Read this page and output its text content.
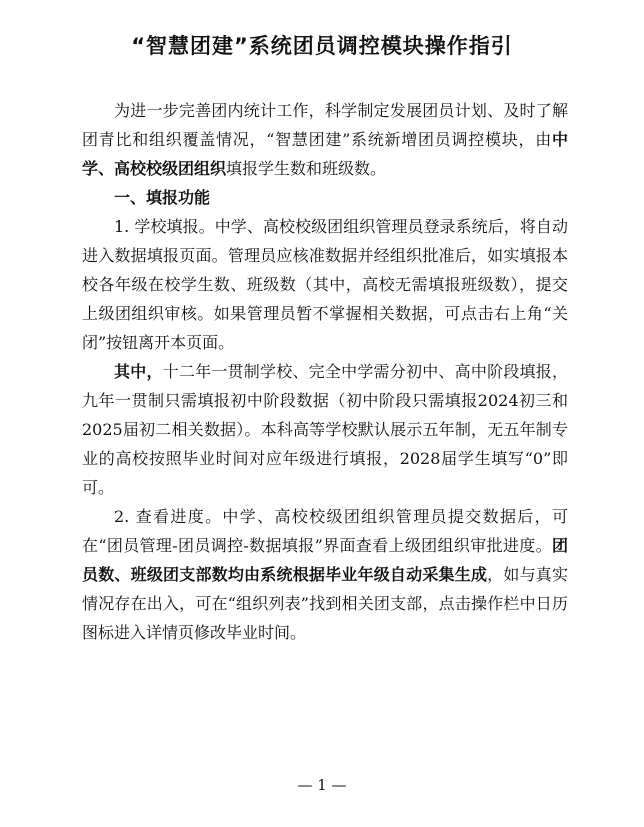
“智慧团建”系统团员调控模块操作指引

为进一步完善团内统计工作，科学制定发展团员计划、及时了解团青比和组织覆盖情况，“智慧团建”系统新增团员调控模块，由中学、高校校级团组织填报学生数和班级数。

一、填报功能

1. 学校填报。中学、高校校级团组织管理员登录系统后，将自动进入数据填报页面。管理员应核准数据并经组织批准后，如实填报本校各年级在校学生数、班级数（其中，高校无需填报班级数），提交上级团组织审核。如果管理员暂不掌握相关数据，可点击右上角“关闭”按钮离开本页面。

其中，十二年一贯制学校、完全中学需分初中、高中阶段填报，九年一贯制只需填报初中阶段数据（初中阶段只需填报2024初三和2025届初二相关数据）。本科高等学校默认展示五年制，无五年制专业的高校按照毕业时间对应年级进行填报，2028届学生填写“0”即可。

2. 查看进度。中学、高校校级团组织管理员提交数据后，可在“团员管理-团员调控-数据填报”界面查看上级团组织审批进度。团员数、班级团支部数均由系统根据毕业年级自动采集生成，如与真实情况存在出入，可在“组织列表”找到相关团支部，点击操作栏中日历图标进入详情页修改毕业时间。

— 1 —
